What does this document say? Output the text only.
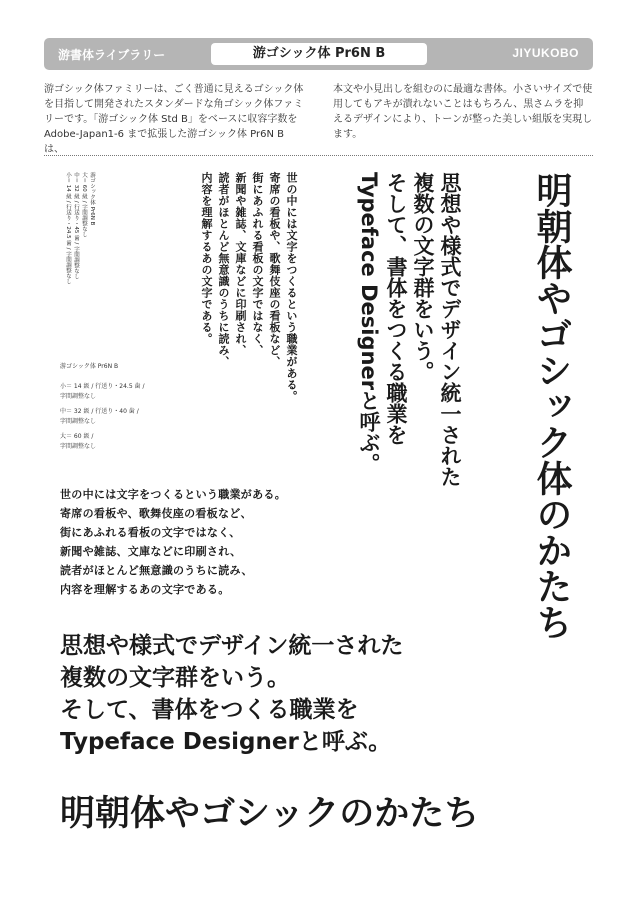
游書体ライブラリー	游ゴシック体 Pr6N B	JIYUKOBO
游ゴシック体ファミリーは、ごく普通に見えるゴシック体を目指して開発されたスタンダードな角ゴシック体ファミリーです。「游ゴシック体 Std B」をベースに収容字数を Adobe-Japan1-6 まで拡張した游ゴシック体 Pr6N B は、
本文や小見出しを組むのに最適な書体。小さいサイズで使用してもアキが潰れないことはもちろん、黒さムラを抑えるデザインにより、トーンが整った美しい組版を実現します。
游ゴシック体 Pr6N B
大＝ 60 級 / 字間調整なし
中＝ 32 級 / 行送り・45 歯 / 字間調整なし
小＝ 14 級 / 行送り・24.5 歯 / 字間調整なし	世の中には文字をつくるという職業がある。
寄席の看板や、歌舞伎座の看板など、
街にあふれる看板の文字ではなく、
新聞や雑誌、文庫などに印刷され、
読者がほとんど無意識のうちに読み、
内容を理解するあの文字である。	思想や様式でデザイン統一された
複数の文字群をいう。
そして、書体をつくる職業を
Typeface Designerと呼ぶ。	明朝体やゴシック体のかたち
游ゴシック体 Pr6N B
小＝ 14 級 / 行送り・24.5 歯 /
字間調整なし
中＝ 32 級 / 行送り・40 歯 /
字間調整なし
大＝ 60 級 /
字間調整なし
世の中には文字をつくるという職業がある。
寄席の看板や、歌舞伎座の看板など、
街にあふれる看板の文字ではなく、
新聞や雑誌、文庫などに印刷され、
読者がほとんど無意識のうちに読み、
内容を理解するあの文字である。
思想や様式でデザイン統一された
複数の文字群をいう。
そして、書体をつくる職業を
Typeface Designerと呼ぶ。
明朝体やゴシックのかたち
